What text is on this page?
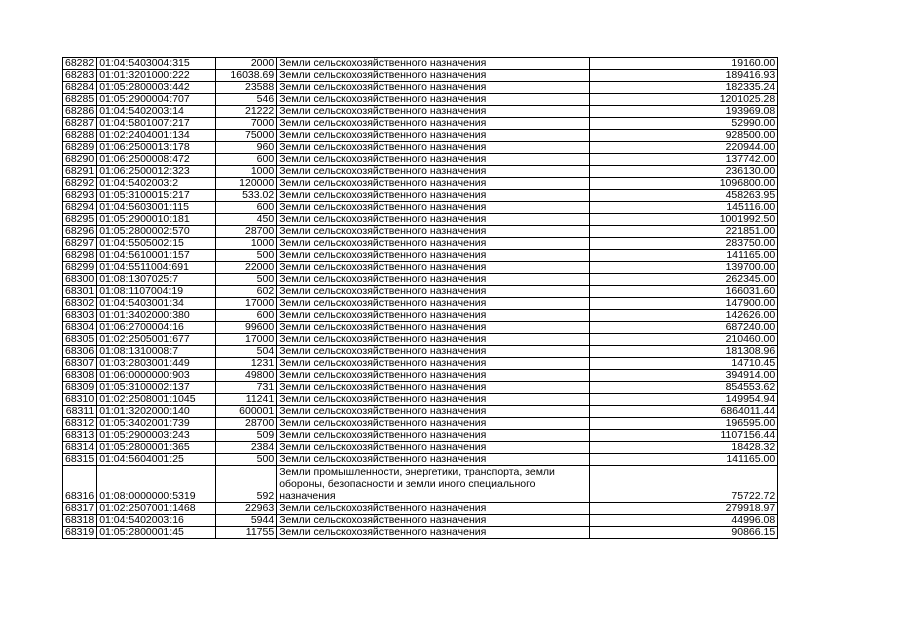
68282	01:04:5403004:315	2000	Земли сельскохозяйственного назначения	19160.00
68283	01:01:3201000:222	16038.69	Земли сельскохозяйственного назначения	189416.93
68284	01:05:2800003:442	23588	Земли сельскохозяйственного назначения	182335.24
68285	01:05:2900004:707	546	Земли сельскохозяйственного назначения	1201025.28
68286	01:04:5402003:14	21222	Земли сельскохозяйственного назначения	193969.08
68287	01:04:5801007:217	7000	Земли сельскохозяйственного назначения	52990.00
68288	01:02:2404001:134	75000	Земли сельскохозяйственного назначения	928500.00
68289	01:06:2500013:178	960	Земли сельскохозяйственного назначения	220944.00
68290	01:06:2500008:472	600	Земли сельскохозяйственного назначения	137742.00
68291	01:06:2500012:323	1000	Земли сельскохозяйственного назначения	236130.00
68292	01:04:5402003:2	120000	Земли сельскохозяйственного назначения	1096800.00
68293	01:05:3100015:217	533.02	Земли сельскохозяйственного назначения	458263.95
68294	01:04:5603001:115	600	Земли сельскохозяйственного назначения	145116.00
68295	01:05:2900010:181	450	Земли сельскохозяйственного назначения	1001992.50
68296	01:05:2800002:570	28700	Земли сельскохозяйственного назначения	221851.00
68297	01:04:5505002:15	1000	Земли сельскохозяйственного назначения	283750.00
68298	01:04:5610001:157	500	Земли сельскохозяйственного назначения	141165.00
68299	01:04:5511004:691	22000	Земли сельскохозяйственного назначения	139700.00
68300	01:08:1307025:7	500	Земли сельскохозяйственного назначения	262345.00
68301	01:08:1107004:19	602	Земли сельскохозяйственного назначения	166031.60
68302	01:04:5403001:34	17000	Земли сельскохозяйственного назначения	147900.00
68303	01:01:3402000:380	600	Земли сельскохозяйственного назначения	142626.00
68304	01:06:2700004:16	99600	Земли сельскохозяйственного назначения	687240.00
68305	01:02:2505001:677	17000	Земли сельскохозяйственного назначения	210460.00
68306	01:08:1310008:7	504	Земли сельскохозяйственного назначения	181308.96
68307	01:03:2803001:449	1231	Земли сельскохозяйственного назначения	14710.45
68308	01:06:0000000:903	49800	Земли сельскохозяйственного назначения	394914.00
68309	01:05:3100002:137	731	Земли сельскохозяйственного назначения	854553.62
68310	01:02:2508001:1045	11241	Земли сельскохозяйственного назначения	149954.94
68311	01:01:3202000:140	600001	Земли сельскохозяйственного назначения	6864011.44
68312	01:05:3402001:739	28700	Земли сельскохозяйственного назначения	196595.00
68313	01:05:2900003:243	509	Земли сельскохозяйственного назначения	1107156.44
68314	01:05:2800001:365	2384	Земли сельскохозяйственного назначения	18428.32
68315	01:04:5604001:25	500	Земли сельскохозяйственного назначения	141165.00
68316	01:08:0000000:5319	592	Земли промышленности, энергетики, транспорта, земли обороны, безопасности и земли иного специального назначения	75722.72
68317	01:02:2507001:1468	22963	Земли сельскохозяйственного назначения	279918.97
68318	01:04:5402003:16	5944	Земли сельскохозяйственного назначения	44996.08
68319	01:05:2800001:45	11755	Земли сельскохозяйственного назначения	90866.15
